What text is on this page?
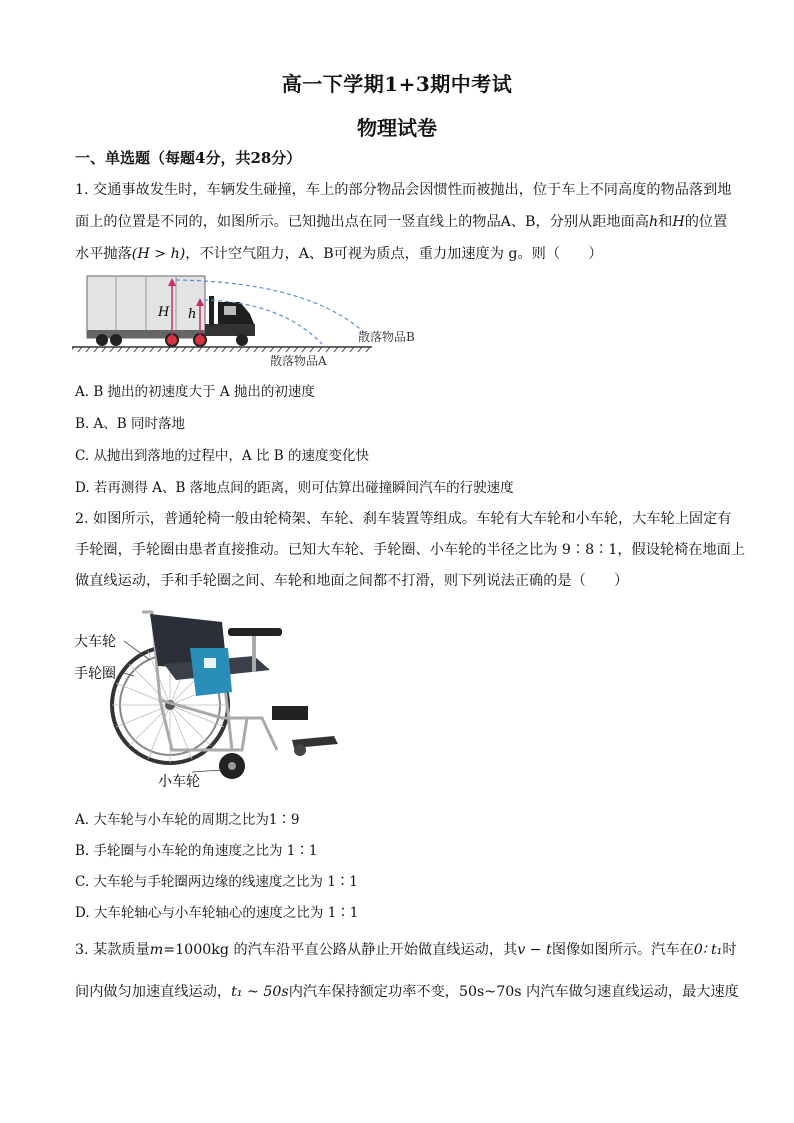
高一下学期1+3期中考试
物理试卷
一、单选题（每题4分，共28分）
1. 交通事故发生时，车辆发生碰撞，车上的部分物品会因惯性而被抛出，位于车上不同高度的物品落到地
面上的位置是不同的，如图所示。已知抛出点在同一竖直线上的物品A、B，分别从距地面高h和H的位置
水平抛落(H > h)，不计空气阻力，A、B可视为质点，重力加速度为 g。则（　　）
H h
散落物品B
散落物品A
A. B 抛出的初速度大于 A 抛出的初速度
B. A、B 同时落地
C. 从抛出到落地的过程中，A 比 B 的速度变化快
D. 若再测得 A、B 落地点间的距离，则可估算出碰撞瞬间汽车的行驶速度
2. 如图所示，普通轮椅一般由轮椅架、车轮、刹车装置等组成。车轮有大车轮和小车轮，大车轮上固定有
手轮圈，手轮圈由患者直接推动。已知大车轮、手轮圈、小车轮的半径之比为 9∶8∶1，假设轮椅在地面上
做直线运动，手和手轮圈之间、车轮和地面之间都不打滑，则下列说法正确的是（　　）
大车轮
手轮圈
小车轮
A. 大车轮与小车轮的周期之比为1∶9
B. 手轮圈与小车轮的角速度之比为 1∶1
C. 大车轮与手轮圈两边缘的线速度之比为 1∶1
D. 大车轮轴心与小车轮轴心的速度之比为 1∶1
3. 某款质量m=1000kg 的汽车沿平直公路从静止开始做直线运动，其v − t图像如图所示。汽车在0∶ t₁时
间内做匀加速直线运动，t₁ ~ 50s内汽车保持额定功率不变，50s~70s 内汽车做匀速直线运动，最大速度
